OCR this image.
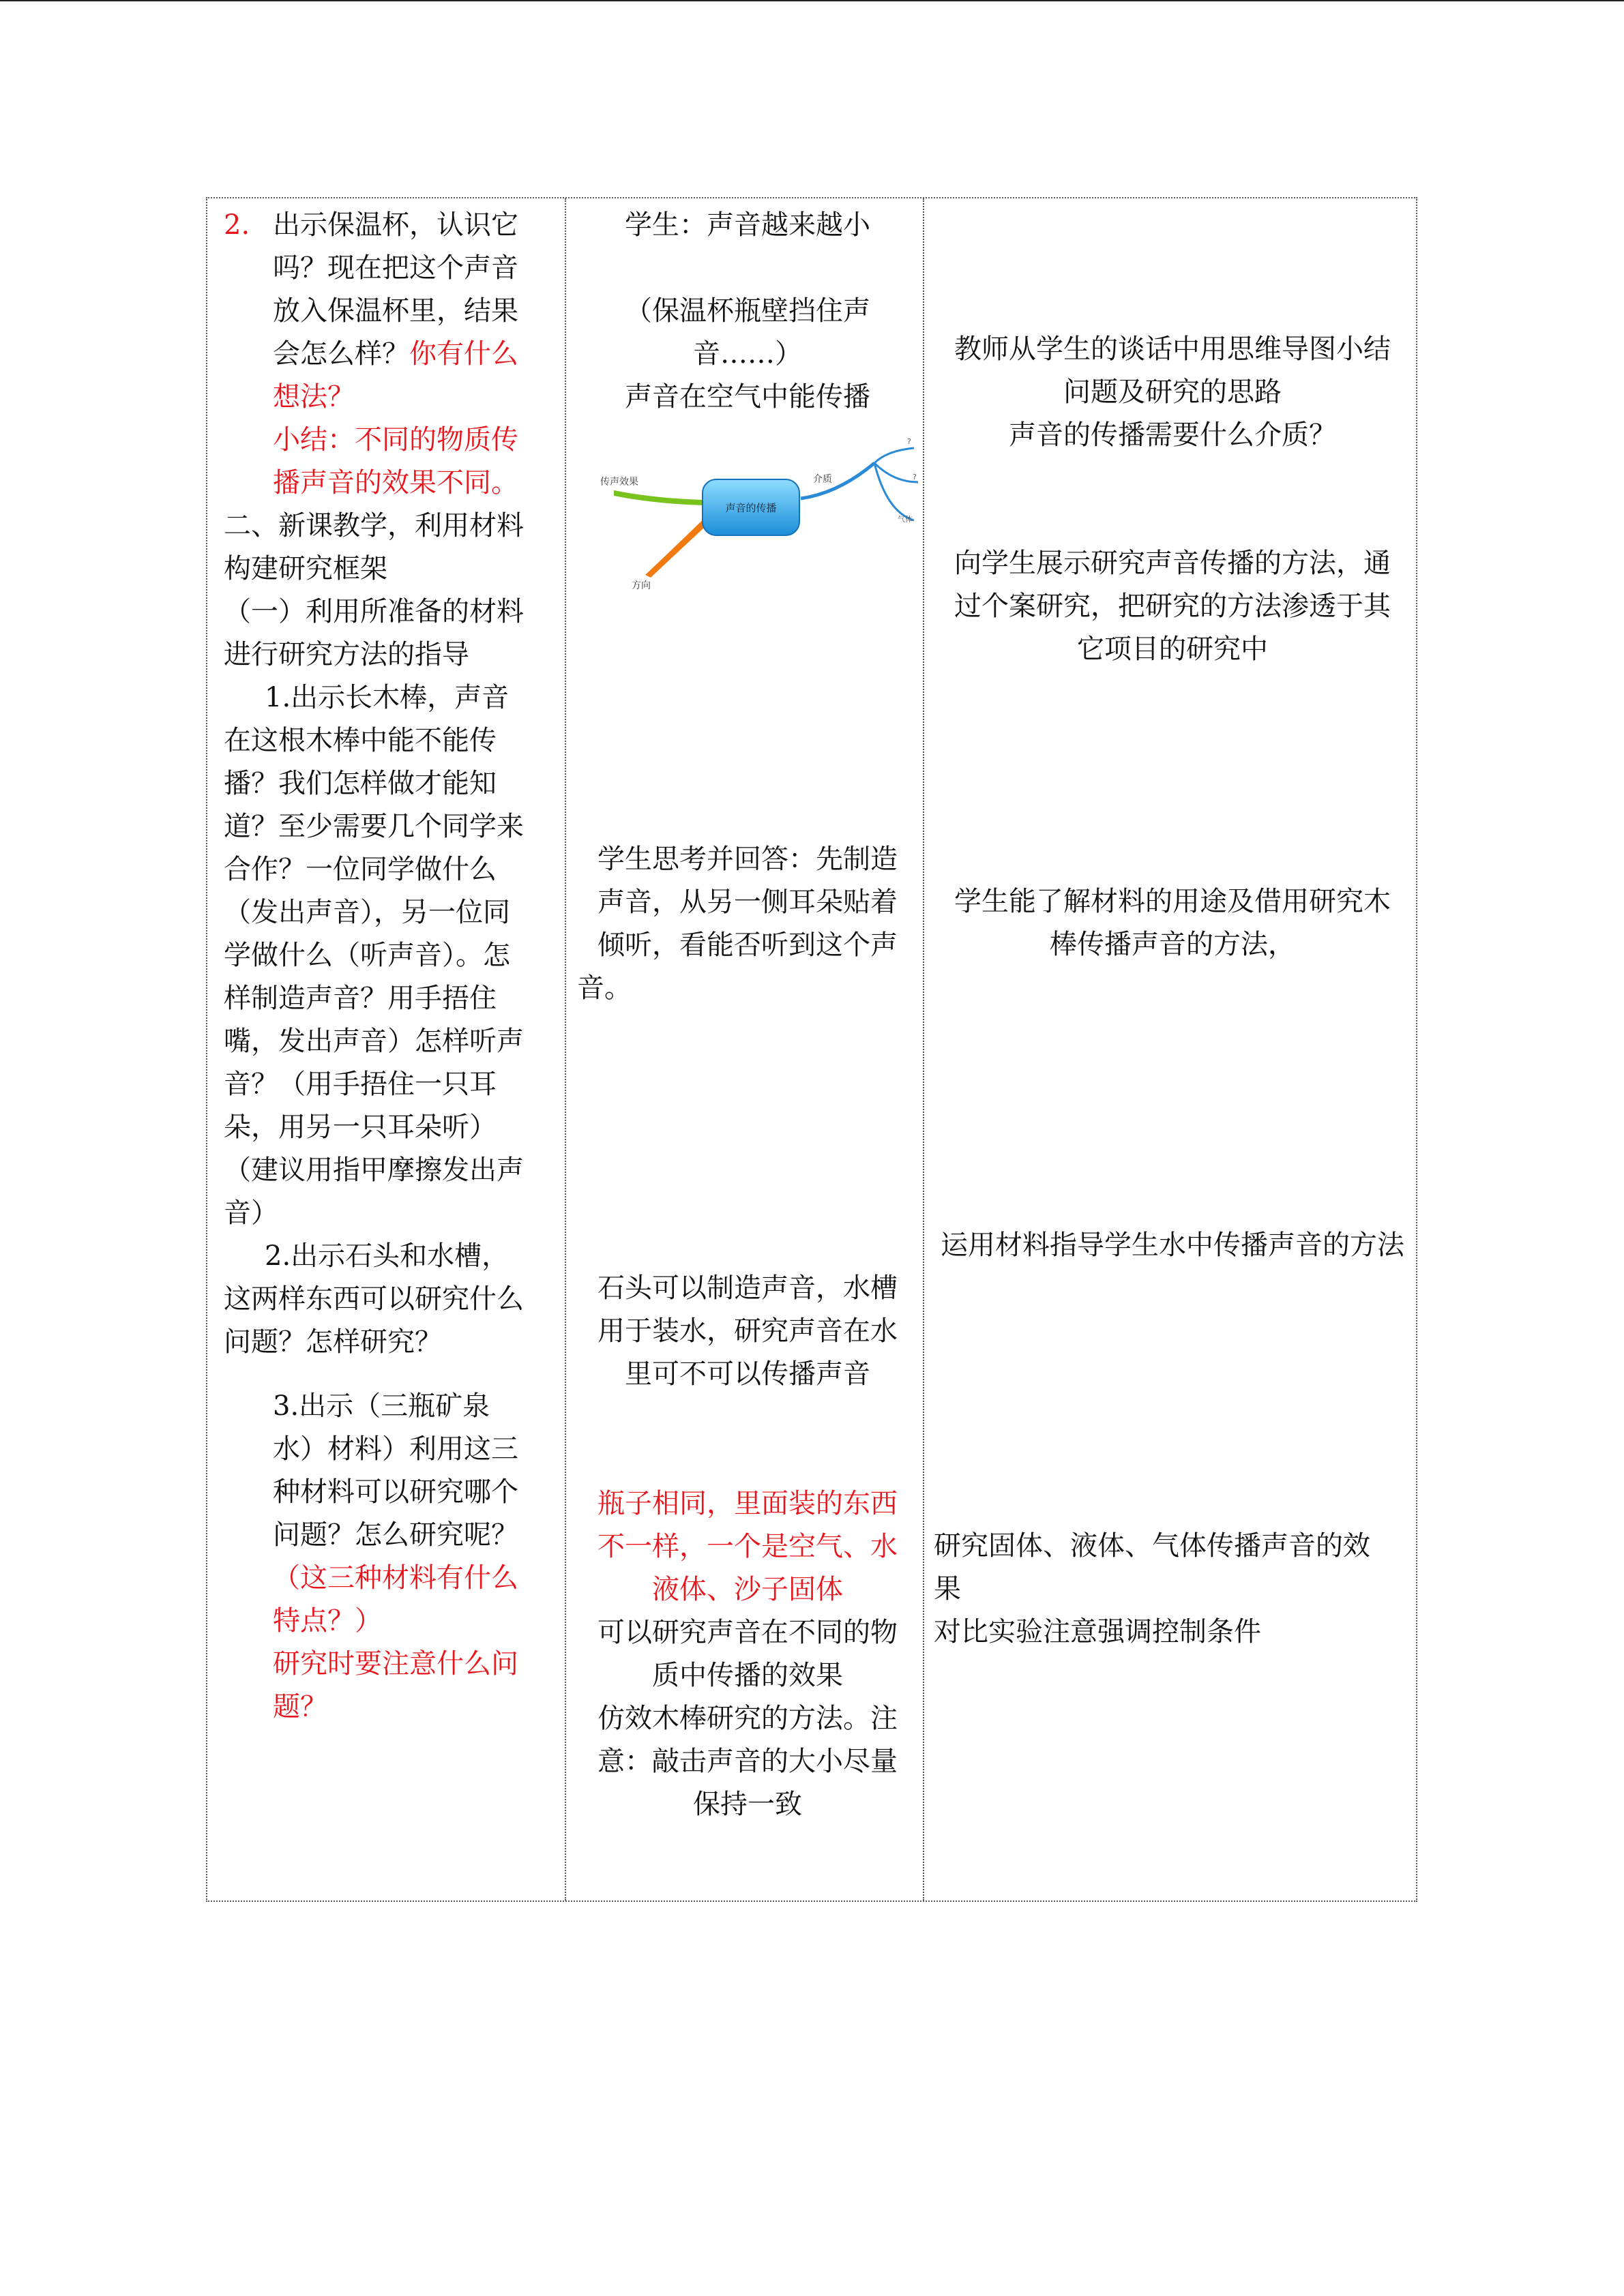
2. 出示保温杯，认识它
吗？现在把这个声音
放入保温杯里，结果
会怎么样？你有什么
想法？
小结：不同的物质传
播声音的效果不同。
二、新课教学，利用材料
构建研究框架
（一）利用所准备的材料
进行研究方法的指导
1.出示长木棒，声音
在这根木棒中能不能传
播？我们怎样做才能知
道？至少需要几个同学来
合作？一位同学做什么
（发出声音），另一位同
学做什么（听声音）。怎
样制造声音？用手捂住
嘴，发出声音）怎样听声
音？（用手捂住一只耳
朵，用另一只耳朵听）
（建议用指甲摩擦发出声
音）
2.出示石头和水槽，
这两样东西可以研究什么
问题？怎样研究？
3.出示（三瓶矿泉
水）材料）利用这三
种材料可以研究哪个
问题？怎么研究呢？
（这三种材料有什么
特点？）
研究时要注意什么问
题？
学生：声音越来越小
（保温杯瓶壁挡住声
音……）
声音在空气中能传播
声音的传播
传声效果
方向
介质
?
?
气体
学生思考并回答：先制造
声音，从另一侧耳朵贴着
倾听，看能否听到这个声
音。
石头可以制造声音，水槽
用于装水，研究声音在水
里可不可以传播声音
瓶子相同，里面装的东西
不一样，一个是空气、水
液体、沙子固体
可以研究声音在不同的物
质中传播的效果
仿效木棒研究的方法。注
意：敲击声音的大小尽量
保持一致
教师从学生的谈话中用思维导图小结
问题及研究的思路
声音的传播需要什么介质？
向学生展示研究声音传播的方法，通
过个案研究，把研究的方法渗透于其
它项目的研究中
学生能了解材料的用途及借用研究木
棒传播声音的方法，
运用材料指导学生水中传播声音的方法
研究固体、液体、气体传播声音的效
果
对比实验注意强调控制条件
